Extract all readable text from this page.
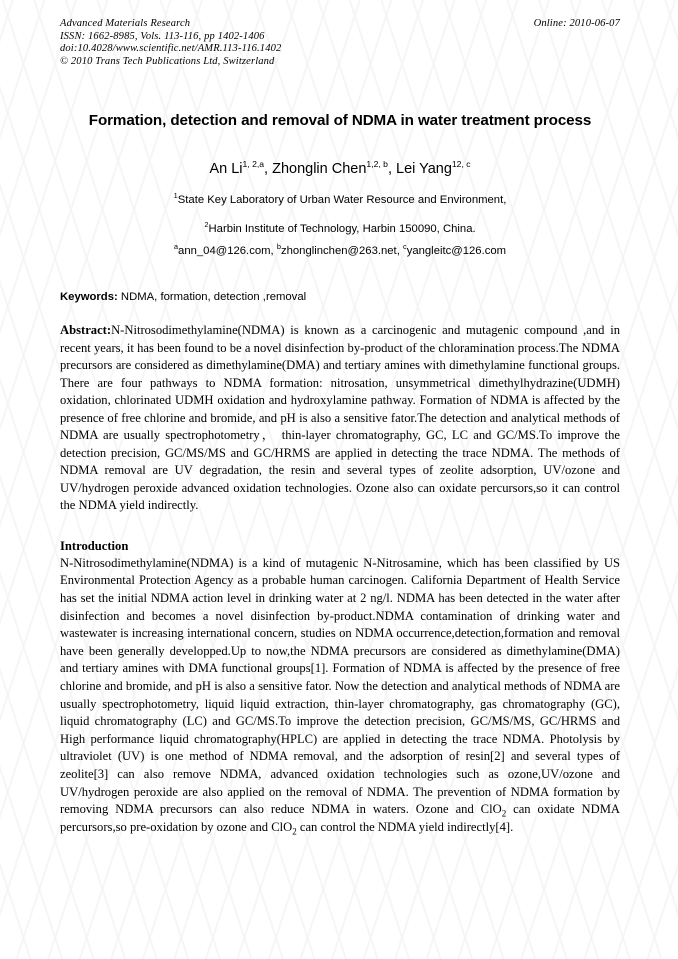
Online: 2010-06-07
Advanced Materials Research
ISSN: 1662-8985, Vols. 113-116, pp 1402-1406
doi:10.4028/www.scientific.net/AMR.113-116.1402
© 2010 Trans Tech Publications Ltd, Switzerland
Formation, detection and removal of NDMA in water treatment process
An Li$^{1, 2,a}$, Zhonglin Chen$^{1,2, b}$, Lei Yang$^{12, c}$
$^1$State Key Laboratory of Urban Water Resource and Environment,
$^2$Harbin Institute of Technology, Harbin 150090, China.
$^a$ann_04@126.com, $^b$zhonglinchen@263.net, $^c$yangleitc@126.com
Keywords: NDMA, formation, detection ,removal

Abstract:N-Nitrosodimethylamine(NDMA) is known as a carcinogenic and mutagenic compound ,and in recent years, it has been found to be a novel disinfection by-product of the chloramination process.The NDMA precursors are considered as dimethylamine(DMA) and tertiary amines with dimethylamine functional groups. There are four pathways to NDMA formation: nitrosation, unsymmetrical dimethylhydrazine(UDMH) oxidation, chlorinated UDMH oxidation and hydroxylamine pathway. Formation of NDMA is affected by the presence of free chlorine and bromide, and pH is also a sensitive fator.The detection and analytical methods of NDMA are usually spectrophotometry， thin-layer chromatography, GC, LC and GC/MS.To improve the detection precision, GC/MS/MS and GC/HRMS are applied in detecting the trace NDMA. The methods of NDMA removal are UV degradation, the resin and several types of zeolite adsorption, UV/ozone and UV/hydrogen peroxide advanced oxidation technologies. Ozone also can oxidate percursors,so it can control the NDMA yield indirectly.

Introduction

N-Nitrosodimethylamine(NDMA) is a kind of mutagenic N-Nitrosamine, which has been classified by US Environmental Protection Agency as a probable human carcinogen. California Department of Health Service has set the initial NDMA action level in drinking water at 2 ng/l. NDMA has been detected in the water after disinfection and becomes a novel disinfection by-product.NDMA contamination of drinking water and wastewater is increasing international concern, studies on NDMA occurrence,detection,formation and removal have been generally developped.Up to now,the NDMA precursors are considered as dimethylamine(DMA) and tertiary amines with DMA functional groups[1]. Formation of NDMA is affected by the presence of free chlorine and bromide, and pH is also a sensitive fator. Now the detection and analytical methods of NDMA are usually spectrophotometry, liquid liquid extraction, thin-layer chromatography, gas chromatography (GC), liquid chromatography (LC) and GC/MS.To improve the detection precision, GC/MS/MS, GC/HRMS and High performance liquid chromatography(HPLC) are applied in detecting the trace NDMA. Photolysis by ultraviolet (UV) is one method of NDMA removal, and the adsorption of resin[2] and several types of zeolite[3] can also remove NDMA, advanced oxidation technologies such as ozone,UV/ozone and UV/hydrogen peroxide are also applied on the removal of NDMA. The prevention of NDMA formation by removing NDMA precursors can also reduce NDMA in waters. Ozone and ClO$_2$ can oxidate NDMA percursors,so pre-oxidation by ozone and ClO$_2$ can control the NDMA yield indirectly[4].
